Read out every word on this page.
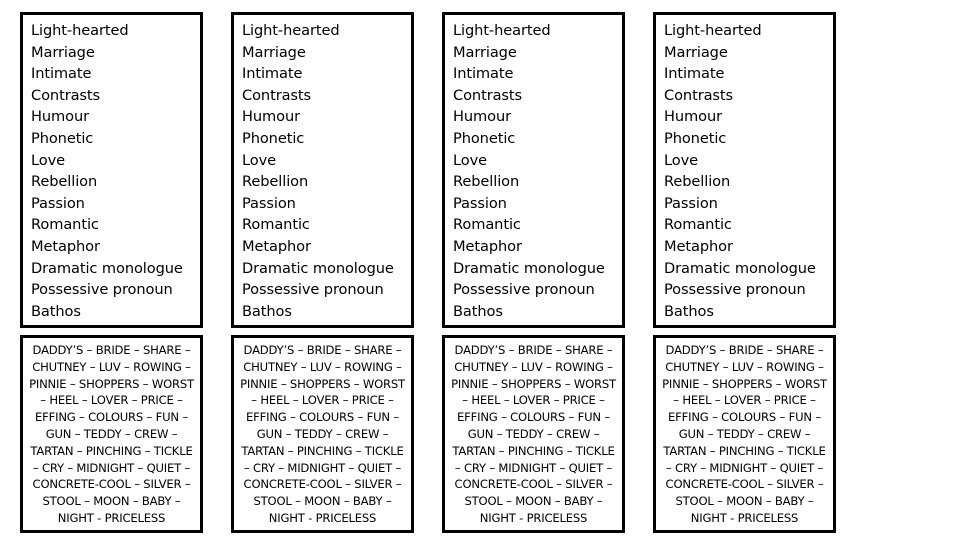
Light-hearted
Marriage
Intimate
Contrasts
Humour
Phonetic
Love
Rebellion
Passion
Romantic
Metaphor
Dramatic monologue
Possessive pronoun
Bathos
DADDY’S – BRIDE – SHARE – CHUTNEY – LUV – ROWING – PINNIE – SHOPPERS – WORST – HEEL – LOVER – PRICE – EFFING – COLOURS – FUN – GUN – TEDDY – CREW – TARTAN – PINCHING – TICKLE – CRY – MIDNIGHT – QUIET – CONCRETE-COOL – SILVER – STOOL – MOON – BABY – NIGHT - PRICELESS
Light-hearted
Marriage
Intimate
Contrasts
Humour
Phonetic
Love
Rebellion
Passion
Romantic
Metaphor
Dramatic monologue
Possessive pronoun
Bathos
DADDY’S – BRIDE – SHARE – CHUTNEY – LUV – ROWING – PINNIE – SHOPPERS – WORST – HEEL – LOVER – PRICE – EFFING – COLOURS – FUN – GUN – TEDDY – CREW – TARTAN – PINCHING – TICKLE – CRY – MIDNIGHT – QUIET – CONCRETE-COOL – SILVER – STOOL – MOON – BABY – NIGHT - PRICELESS
Light-hearted
Marriage
Intimate
Contrasts
Humour
Phonetic
Love
Rebellion
Passion
Romantic
Metaphor
Dramatic monologue
Possessive pronoun
Bathos
DADDY’S – BRIDE – SHARE – CHUTNEY – LUV – ROWING – PINNIE – SHOPPERS – WORST – HEEL – LOVER – PRICE – EFFING – COLOURS – FUN – GUN – TEDDY – CREW – TARTAN – PINCHING – TICKLE – CRY – MIDNIGHT – QUIET – CONCRETE-COOL – SILVER – STOOL – MOON – BABY – NIGHT - PRICELESS
Light-hearted
Marriage
Intimate
Contrasts
Humour
Phonetic
Love
Rebellion
Passion
Romantic
Metaphor
Dramatic monologue
Possessive pronoun
Bathos
DADDY’S – BRIDE – SHARE – CHUTNEY – LUV – ROWING – PINNIE – SHOPPERS – WORST – HEEL – LOVER – PRICE – EFFING – COLOURS – FUN – GUN – TEDDY – CREW – TARTAN – PINCHING – TICKLE – CRY – MIDNIGHT – QUIET – CONCRETE-COOL – SILVER – STOOL – MOON – BABY – NIGHT - PRICELESS
